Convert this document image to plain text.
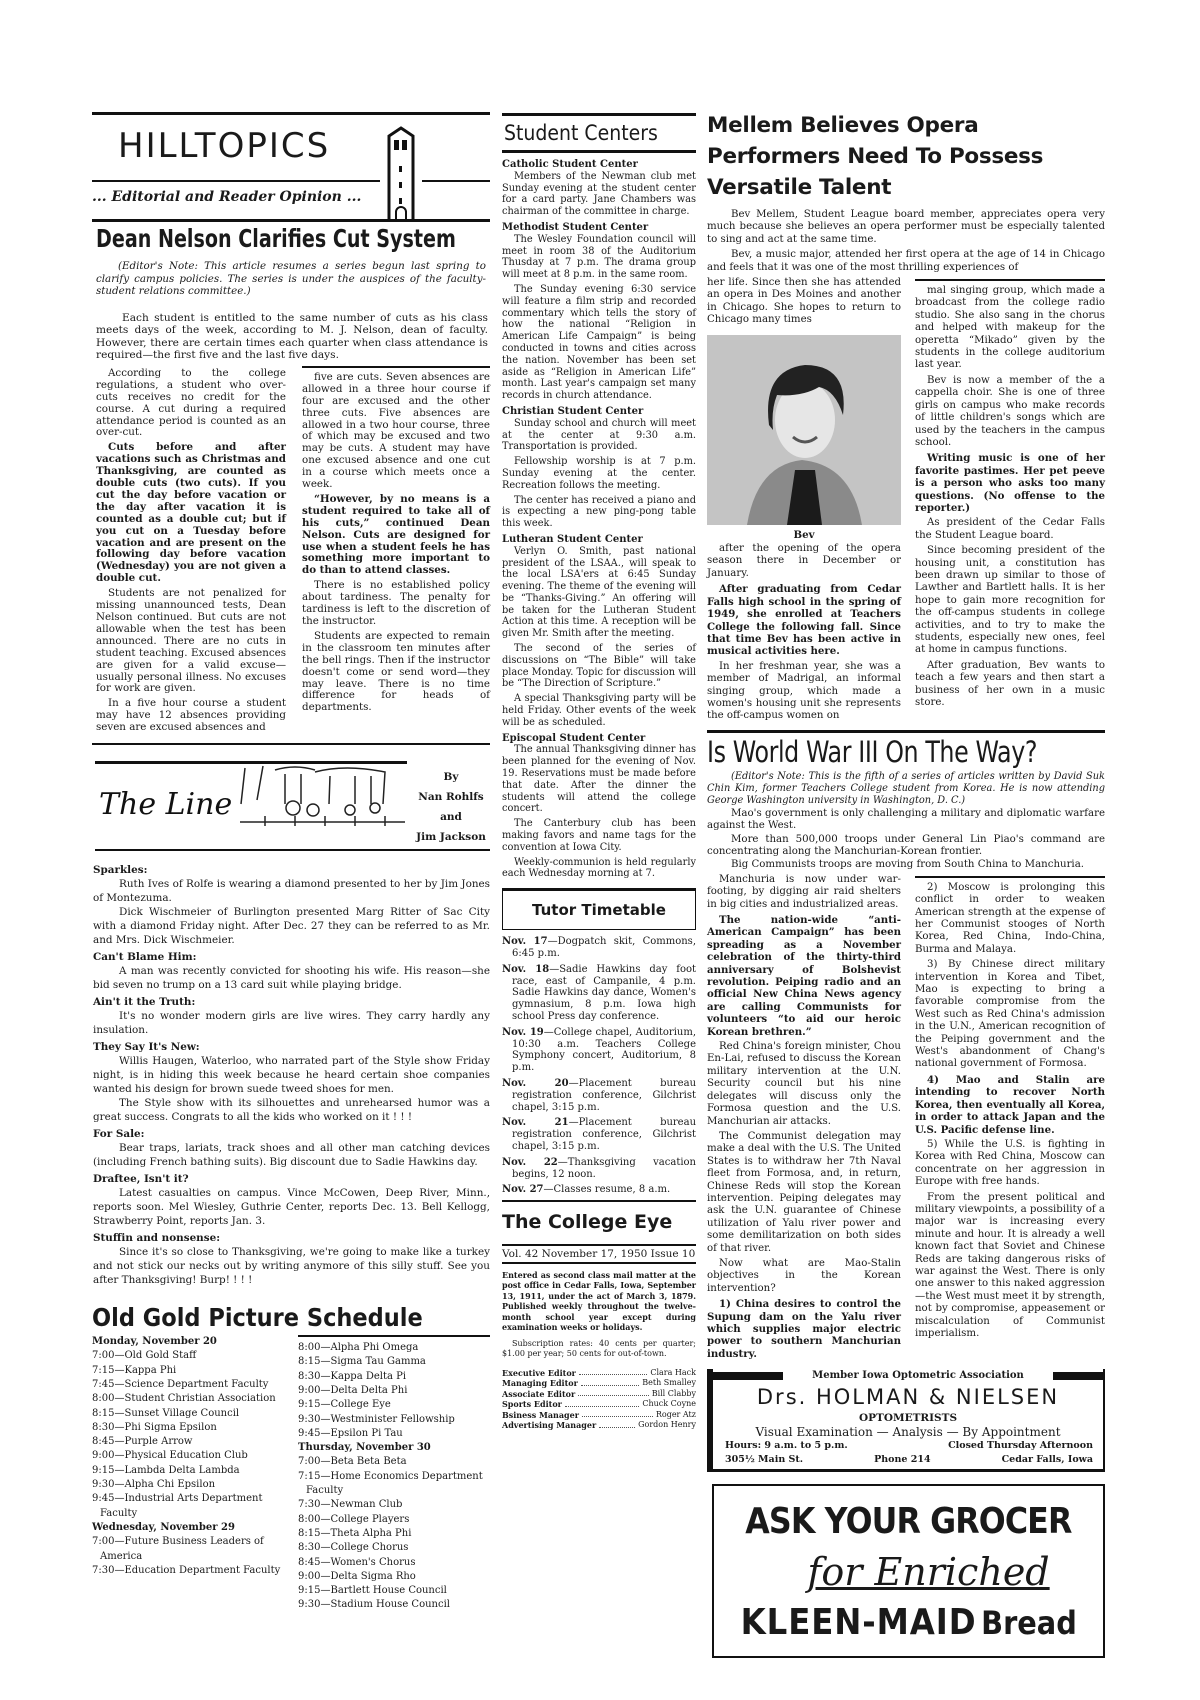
HILLTOPICS
... Editorial and Reader Opinion ...
Dean Nelson Clarifies Cut System
(Editor's Note: This article resumes a series begun last spring to clarify campus policies. The series is under the auspices of the faculty-student relations committee.)
Each student is entitled to the same number of cuts as his class meets days of the week, according to M. J. Nelson, dean of faculty. However, there are certain times each quarter when class attendance is required—the first five and the last five days.

According to the college regulations, a student who over-cuts receives no credit for the course. A cut during a required attendance period is counted as an over-cut.

Cuts before and after vacations such as Christmas and Thanksgiving, are counted as double cuts (two cuts). If you cut the day before vacation or the day after vacation it is counted as a double cut; but if you cut on a Tuesday before vacation and are present on the following day before vacation (Wednesday) you are not given a double cut.

Students are not penalized for missing unannounced tests, Dean Nelson continued. But cuts are not allowable when the test has been announced. There are no cuts in student teaching. Excused absences are given for a valid excuse—usually personal illness. No excuses for work are given.

In a five hour course a student may have 12 absences providing seven are excused absences and

five are cuts. Seven absences are allowed in a three hour course if four are excused and the other three cuts. Five absences are allowed in a two hour course, three of which may be excused and two may be cuts. A student may have one excused absence and one cut in a course which meets once a week.

“However, by no means is a student required to take all of his cuts,” continued Dean Nelson. Cuts are designed for use when a student feels he has something more important to do than to attend classes.

There is no established policy about tardiness. The penalty for tardiness is left to the discretion of the instructor.

Students are expected to remain in the classroom ten minutes after the bell rings. Then if the instructor doesn't come or send word—they may leave. There is no time difference for heads of departments.

The Line
By
Nan Rohlfs
and
Jim Jackson
Sparkles:

Ruth Ives of Rolfe is wearing a diamond presented to her by Jim Jones of Montezuma.

Dick Wischmeier of Burlington presented Marg Ritter of Sac City with a diamond Friday night. After Dec. 27 they can be referred to as Mr. and Mrs. Dick Wischmeier.

Can't Blame Him:

A man was recently convicted for shooting his wife. His reason—she bid seven no trump on a 13 card suit while playing bridge.

Ain't it the Truth:

It's no wonder modern girls are live wires. They carry hardly any insulation.

They Say It's New:

Willis Haugen, Waterloo, who narrated part of the Style show Friday night, is in hiding this week because he heard certain shoe companies wanted his design for brown suede tweed shoes for men.

The Style show with its silhouettes and unrehearsed humor was a great success. Congrats to all the kids who worked on it ! ! !

For Sale:

Bear traps, lariats, track shoes and all other man catching devices (including French bathing suits). Big discount due to Sadie Hawkins day.

Draftee, Isn't it?

Latest casualties on campus. Vince McCowen, Deep River, Minn., reports soon. Mel Wiesley, Guthrie Center, reports Dec. 13. Bell Kellogg, Strawberry Point, reports Jan. 3.

Stuffin and nonsense:

Since it's so close to Thanksgiving, we're going to make like a turkey and not stick our necks out by writing anymore of this silly stuff. See you after Thanksgiving! Burp! ! ! !

Old Gold Picture Schedule
Monday, November 20
7:00—Old Gold Staff
7:15—Kappa Phi
7:45—Science Department Faculty
8:00—Student Christian Association
8:15—Sunset Village Council
8:30—Phi Sigma Epsilon
8:45—Purple Arrow
9:00—Physical Education Club
9:15—Lambda Delta Lambda
9:30—Alpha Chi Epsilon
9:45—Industrial Arts Department Faculty
Wednesday, November 29
7:00—Future Business Leaders of America
7:30—Education Department Faculty
8:00—Alpha Phi Omega
8:15—Sigma Tau Gamma
8:30—Kappa Delta Pi
9:00—Delta Delta Phi
9:15—College Eye
9:30—Westminister Fellowship
9:45—Epsilon Pi Tau
Thursday, November 30
7:00—Beta Beta Beta
7:15—Home Economics Department Faculty
7:30—Newman Club
8:00—College Players
8:15—Theta Alpha Phi
8:30—College Chorus
8:45—Women's Chorus
9:00—Delta Sigma Rho
9:15—Bartlett House Council
9:30—Stadium House Council
Student Centers
Catholic Student Center

Members of the Newman club met Sunday evening at the student center for a card party. Jane Chambers was chairman of the committee in charge.

Methodist Student Center

The Wesley Foundation council will meet in room 38 of the Auditorium Thusday at 7 p.m. The drama group will meet at 8 p.m. in the same room.

The Sunday evening 6:30 service will feature a film strip and recorded commentary which tells the story of how the national “Religion in American Life Campaign” is being conducted in towns and cities across the nation. November has been set aside as “Religion in American Life” month. Last year's campaign set many records in church attendance.

Christian Student Center

Sunday school and church will meet at the center at 9:30 a.m. Transportation is provided.

Fellowship worship is at 7 p.m. Sunday evening at the center. Recreation follows the meeting.

The center has received a piano and is expecting a new ping-pong table this week.

Lutheran Student Center

Verlyn O. Smith, past national president of the LSAA., will speak to the local LSA'ers at 6:45 Sunday evening. The theme of the evening will be “Thanks-Giving.” An offering will be taken for the Lutheran Student Action at this time. A reception will be given Mr. Smith after the meeting.

The second of the series of discussions on “The Bible” will take place Monday. Topic for discussion will be “The Direction of Scripture.”

A special Thanksgiving party will be held Friday. Other events of the week will be as scheduled.

Episcopal Student Center

The annual Thanksgiving dinner has been planned for the evening of Nov. 19. Reservations must be made before that date. After the dinner the students will attend the college concert.

The Canterbury club has been making favors and name tags for the convention at Iowa City.

Weekly-communion is held regularly each Wednesday morning at 7.

Tutor Timetable
Nov. 17—Dogpatch skit, Commons, 6:45 p.m.
Nov. 18—Sadie Hawkins day foot race, east of Campanile, 4 p.m. Sadie Hawkins day dance, Women's gymnasium, 8 p.m. Iowa high school Press day conference.
Nov. 19—College chapel, Auditorium, 10:30 a.m. Teachers College Symphony concert, Auditorium, 8 p.m.
Nov. 20—Placement bureau registration conference, Gilchrist chapel, 3:15 p.m.
Nov. 21—Placement bureau registration conference, Gilchrist chapel, 3:15 p.m.
Nov. 22—Thanksgiving vacation begins, 12 noon.
Nov. 27—Classes resume, 8 a.m.
The College Eye
Vol. 42 November 17, 1950 Issue 10
Entered as second class mail matter at the post office in Cedar Falls, Iowa, September 13, 1911, under the act of March 3, 1879. Published weekly throughout the twelve-month school year except during examination weeks or holidays.
Subscription rates: 40 cents per quarter; $1.00 per year; 50 cents for out-of-town.
Executive Editor	Clara Hack
Managing Editor	Beth Smalley
Associate Editor	Bill Clabby
Sports Editor	Chuck Coyne
Bsiness Manager	Roger Atz
Advertising Manager	Gordon Henry
Mellem Believes Opera Performers Need To Possess Versatile Talent

Bev Mellem, Student League board member, appreciates opera very much because she believes an opera performer must be especially talented to sing and act at the same time.

Bev, a music major, attended her first opera at the age of 14 in Chicago and feels that it was one of the most thrilling experiences of

her life. Since then she has attended an opera in Des Moines and another in Chicago. She hopes to return to Chicago many times

Bev

after the opening of the opera season there in December or January.

After graduating from Cedar Falls high school in the spring of 1949, she enrolled at Teachers College the following fall. Since that time Bev has been active in musical activities here.

In her freshman year, she was a member of Madrigal, an informal singing group, which made a women's housing unit she represents the off-campus women on

mal singing group, which made a broadcast from the college radio studio. She also sang in the chorus and helped with makeup for the operetta “Mikado” given by the students in the college auditorium last year.

Bev is now a member of the a cappella choir. She is one of three girls on campus who make records of little children's songs which are used by the teachers in the campus school.

Writing music is one of her favorite pastimes. Her pet peeve is a person who asks too many questions. (No offense to the reporter.)

As president of the Cedar Falls the Student League board.

Since becoming president of the housing unit, a constitution has been drawn up similar to those of Lawther and Bartlett halls. It is her hope to gain more recognition for the off-campus students in college activities, and to try to make the students, especially new ones, feel at home in campus functions.

After graduation, Bev wants to teach a few years and then start a business of her own in a music store.

Is World War III On The Way?
(Editor's Note: This is the fifth of a series of articles written by David Suk Chin Kim, former Teachers College student from Korea. He is now attending George Washington university in Washington, D. C.)

Mao's government is only challenging a military and diplomatic warfare against the West.

More than 500,000 troops under General Lin Piao's command are concentrating along the Manchurian-Korean frontier.

Big Communists troops are moving from South China to Manchuria.

Manchuria is now under war-footing, by digging air raid shelters in big cities and industrialized areas.

The nation-wide “anti-American Campaign” has been spreading as a November celebration of the thirty-third anniversary of Bolshevist revolution. Peiping radio and an official New China News agency are calling Communists for volunteers “to aid our heroic Korean brethren.”

Red China's foreign minister, Chou En-Lai, refused to discuss the Korean military intervention at the U.N. Security council but his nine delegates will discuss only the Formosa question and the U.S. Manchurian air attacks.

The Communist delegation may make a deal with the U.S. The United States is to withdraw her 7th Naval fleet from Formosa, and, in return, Chinese Reds will stop the Korean intervention. Peiping delegates may ask the U.N. guarantee of Chinese utilization of Yalu river power and some demilitarization on both sides of that river.

Now what are Mao-Stalin objectives in the Korean intervention?

1) China desires to control the Supung dam on the Yalu river which supplies major electric power to southern Manchurian industry.

2) Moscow is prolonging this conflict in order to weaken American strength at the expense of her Communist stooges of North Korea, Red China, Indo-China, Burma and Malaya.

3) By Chinese direct military intervention in Korea and Tibet, Mao is expecting to bring a favorable compromise from the West such as Red China's admission in the U.N., American recognition of the Peiping government and the West's abandonment of Chang's national government of Formosa.

4) Mao and Stalin are intending to recover North Korea, then eventually all Korea, in order to attack Japan and the U.S. Pacific defense line.

5) While the U.S. is fighting in Korea with Red China, Moscow can concentrate on her aggression in Europe with free hands.

From the present political and military viewpoints, a possibility of a major war is increasing every minute and hour. It is already a well known fact that Soviet and Chinese Reds are taking dangerous risks of war against the West. There is only one answer to this naked aggression—the West must meet it by strength, not by compromise, appeasement or miscalculation of Communist imperialism.

Member Iowa Optometric Association
Drs. HOLMAN & NIELSEN
OPTOMETRISTS
Visual Examination — Analysis — By Appointment
Hours: 9 a.m. to 5 p.m.	Closed Thursday Afternoon
305½ Main St.	Phone 214	Cedar Falls, Iowa
ASK YOUR GROCER
for Enriched
KLEEN-MAID Bread
